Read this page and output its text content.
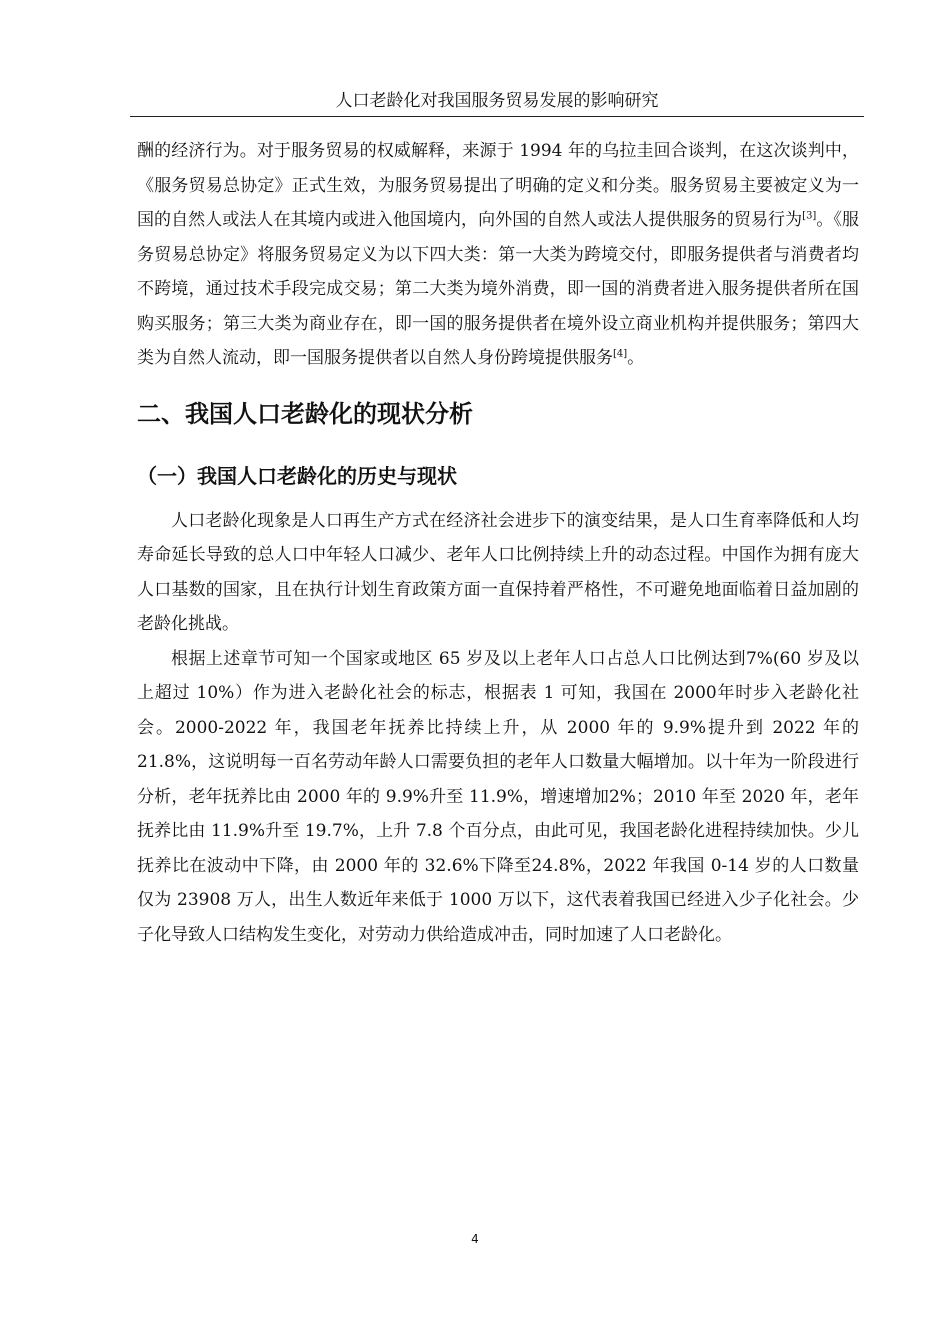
人口老龄化对我国服务贸易发展的影响研究

酬的经济行为。对于服务贸易的权威解释，来源于 1994 年的乌拉圭回合谈判，在这次谈判中，《服务贸易总协定》正式生效，为服务贸易提出了明确的定义和分类。服务贸易主要被定义为一国的自然人或法人在其境内或进入他国境内，向外国的自然人或法人提供服务的贸易行为[3]。《服务贸易总协定》将服务贸易定义为以下四大类：第一大类为跨境交付，即服务提供者与消费者均不跨境，通过技术手段完成交易；第二大类为境外消费，即一国的消费者进入服务提供者所在国购买服务；第三大类为商业存在，即一国的服务提供者在境外设立商业机构并提供服务；第四大类为自然人流动，即一国服务提供者以自然人身份跨境提供服务[4]。

二、我国人口老龄化的现状分析
（一）我国人口老龄化的历史与现状

人口老龄化现象是人口再生产方式在经济社会进步下的演变结果，是人口生育率降低和人均寿命延长导致的总人口中年轻人口减少、老年人口比例持续上升的动态过程。中国作为拥有庞大人口基数的国家，且在执行计划生育政策方面一直保持着严格性，不可避免地面临着日益加剧的老龄化挑战。

根据上述章节可知一个国家或地区 65 岁及以上老年人口占总人口比例达到7%(60 岁及以上超过 10%）作为进入老龄化社会的标志，根据表 1 可知，我国在 2000年时步入老龄化社会。2000-2022 年，我国老年抚养比持续上升，从 2000 年的 9.9%提升到 2022 年的 21.8%，这说明每一百名劳动年龄人口需要负担的老年人口数量大幅增加。以十年为一阶段进行分析，老年抚养比由 2000 年的 9.9%升至 11.9%，增速增加2%；2010 年至 2020 年，老年抚养比由 11.9%升至 19.7%，上升 7.8 个百分点，由此可见，我国老龄化进程持续加快。少儿抚养比在波动中下降，由 2000 年的 32.6%下降至24.8%，2022 年我国 0-14 岁的人口数量仅为 23908 万人，出生人数近年来低于 1000 万以下，这代表着我国已经进入少子化社会。少子化导致人口结构发生变化，对劳动力供给造成冲击，同时加速了人口老龄化。

4
